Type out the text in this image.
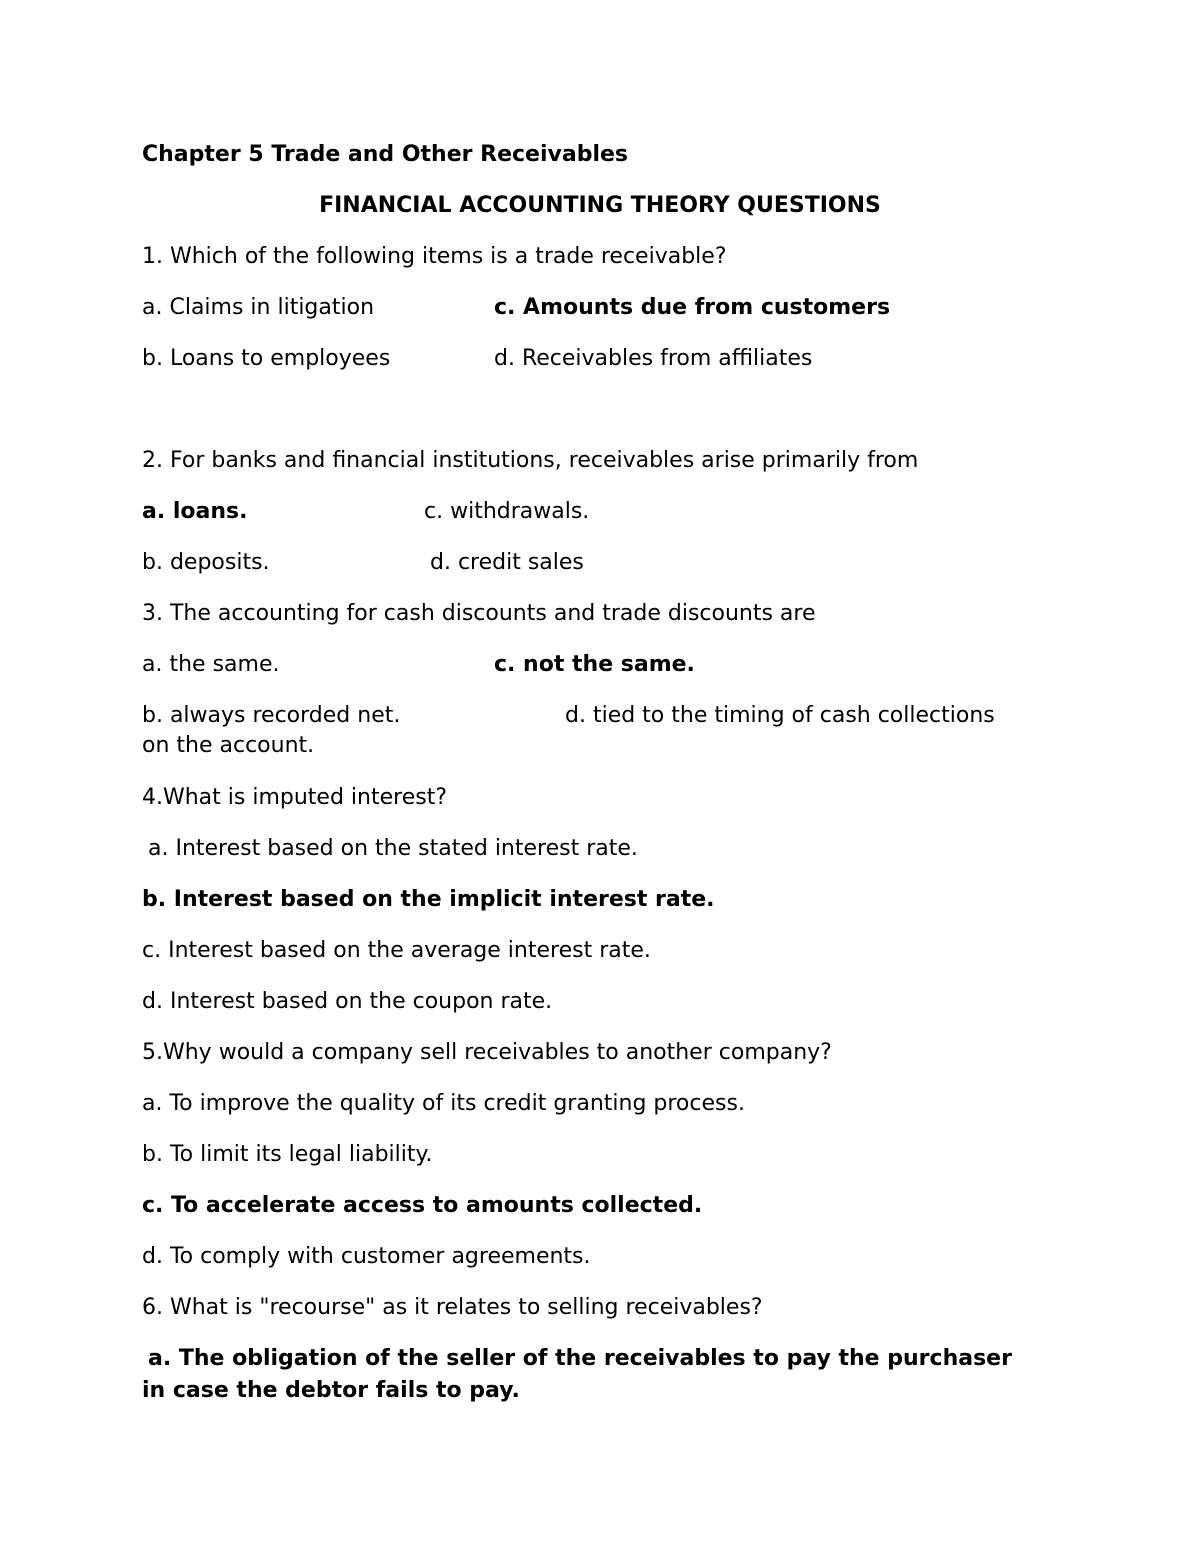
Chapter 5 Trade and Other Receivables
FINANCIAL ACCOUNTING THEORY QUESTIONS
1. Which of the following items is a trade receivable?
a. Claims in litigation	c. Amounts due from customers
b. Loans to employees	d. Receivables from affiliates
2. For banks and financial institutions, receivables arise primarily from
a. loans.	c. withdrawals.
b. deposits.	d. credit sales
3. The accounting for cash discounts and trade discounts are
a. the same.	c. not the same.
b. always recorded net.	d. tied to the timing of cash collections
on the account.
4.What is imputed interest?
a. Interest based on the stated interest rate.
b. Interest based on the implicit interest rate.
c. Interest based on the average interest rate.
d. Interest based on the coupon rate.
5.Why would a company sell receivables to another company?
a. To improve the quality of its credit granting process.
b. To limit its legal liability.
c. To accelerate access to amounts collected.
d. To comply with customer agreements.
6. What is "recourse" as it relates to selling receivables?
a. The obligation of the seller of the receivables to pay the purchaser in case the debtor fails to pay.
